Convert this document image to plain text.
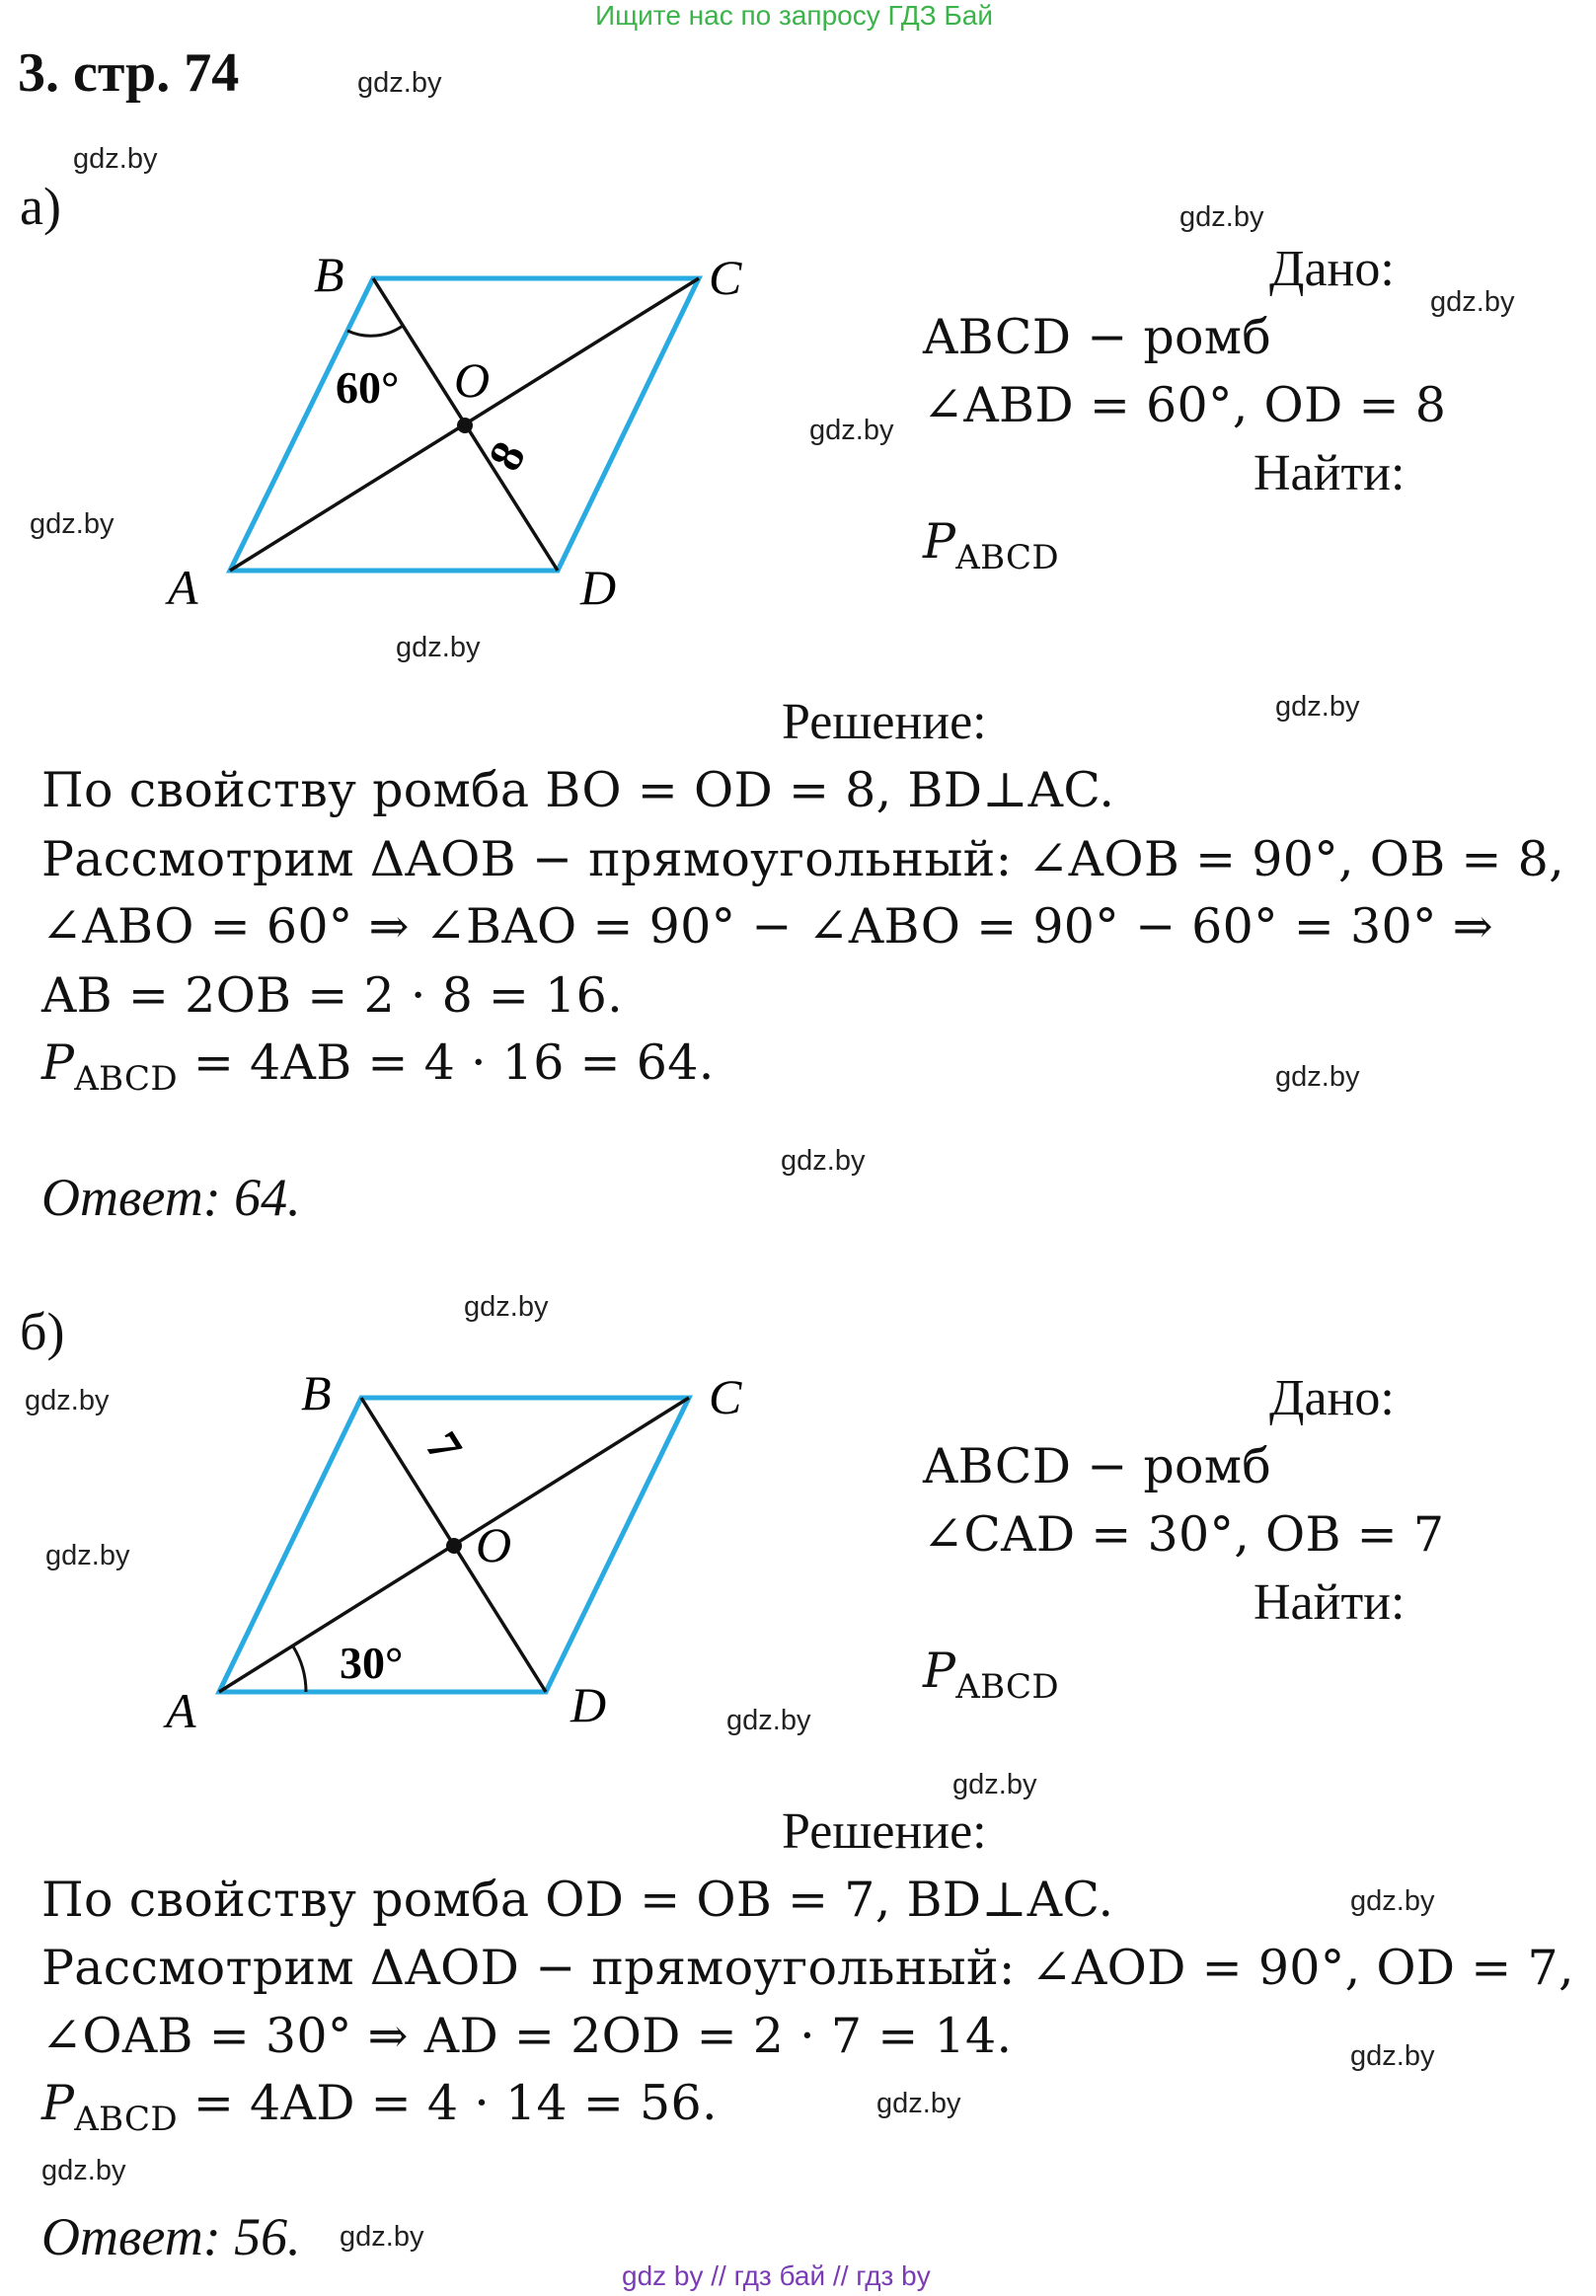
Ищите нас по запросу ГДЗ Бай
3. стр. 74	gdz.by
gdz.by
gdz.by
gdz.by
gdz.by
gdz.by
gdz.by
gdz.by
gdz.by
gdz.by
gdz.by
gdz.by
gdz.by
gdz.by
gdz.by
gdz.by
gdz.by
gdz.by
gdz.by
gdz.by
а)
A
B	C
D
O
60°
8
Дано:
ABCD − ромб
∠ABD = 60°, OD = 8
Найти:
$P_{ABCD}$
Решение:
По свойству ромба BO = OD = 8, BD⊥AC.
Рассмотрим ΔAOB − прямоугольный: ∠AOB = 90°, OB = 8,
∠ABO = 60° ⇒ ∠BAO = 90° − ∠ABO = 90° − 60° = 30° ⇒
AB = 2OB = 2 · 8 = 16.
$P_{ABCD} = 4AB = 4 \cdot 16 = 64$.
Ответ: 64.
б)
A
B	C
D
O
30°
7
Дано:
ABCD − ромб
∠CAD = 30°, OB = 7
Найти:
$P_{ABCD}$
Решение:
По свойству ромба OD = OB = 7, BD⊥AC.
Рассмотрим ΔAOD − прямоугольный: ∠AOD = 90°, OD = 7,
∠OAB = 30° ⇒ AD = 2OD = 2 · 7 = 14.
$P_{ABCD} = 4AD = 4 \cdot 14 = 56$.
Ответ: 56.
gdz by // гдз бай // гдз by
